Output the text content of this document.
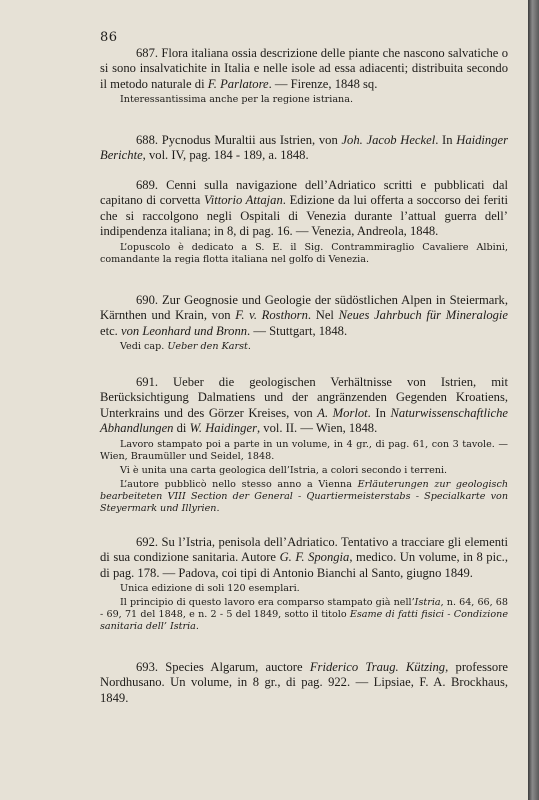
86
687. Flora italiana ossia descrizione delle piante che nascono salvatiche o si sono insalvatichite in Italia e nelle isole ad essa adiacenti; distribuita secondo il metodo naturale di F. Parlatore. — Firenze, 1848 sq.
Interessantissima anche per la regione istriana.
688. Pycnodus Muraltii aus Istrien, von Joh. Jacob Heckel. In Haidinger Berichte, vol. IV, pag. 184 - 189, a. 1848.
689. Cenni sulla navigazione dell’Adriatico scritti e pubblicati dal capitano di corvetta Vittorio Attajan. Edizione da lui offerta a soccorso dei feriti che si raccolgono negli Ospitali di Venezia durante l’attual guerra dell’ indipendenza italiana; in 8, di pag. 16. — Venezia, Andreola, 1848.
L’opuscolo è dedicato a S. E. il Sig. Contrammiraglio Cavaliere Albini, comandante la regia flotta italiana nel golfo di Venezia.
690. Zur Geognosie und Geologie der südöstlichen Alpen in Steiermark, Kärnthen und Krain, von F. v. Rosthorn. Nel Neues Jahrbuch für Mineralogie etc. von Leonhard und Bronn. — Stuttgart, 1848.
Vedi cap. Ueber den Karst.
691. Ueber die geologischen Verhältnisse von Istrien, mit Berücksichtigung Dalmatiens und der angränzenden Gegenden Kroatiens, Unterkrains und des Görzer Kreises, von A. Morlot. In Naturwissenschaftliche Abhandlungen di W. Haidinger, vol. II. — Wien, 1848.
Lavoro stampato poi a parte in un volume, in 4 gr., di pag. 61, con 3 tavole. — Wien, Braumüller und Seidel, 1848.
Vi è unita una carta geologica dell’Istria, a colori secondo i terreni.
L’autore pubblicò nello stesso anno a Vienna Erläuterungen zur geologisch bearbeiteten VIII Section der General - Quartiermeisterstabs - Specialkarte von Steyermark und Illyrien.
692. Su l’Istria, penisola dell’Adriatico. Tentativo a tracciare gli elementi di sua condizione sanitaria. Autore G. F. Spongia, medico. Un volume, in 8 pic., di pag. 178. — Padova, coi tipi di Antonio Bianchi al Santo, giugno 1849.
Unica edizione di soli 120 esemplari.
Il principio di questo lavoro era comparso stampato già nell’Istria, n. 64, 66, 68 - 69, 71 del 1848, e n. 2 - 5 del 1849, sotto il titolo Esame di fatti fisici - Condizione sanitaria dell’ Istria.
693. Species Algarum, auctore Friderico Traug. Kützing, professore Nordhusano. Un volume, in 8 gr., di pag. 922. — Lipsiae, F. A. Brockhaus, 1849.
